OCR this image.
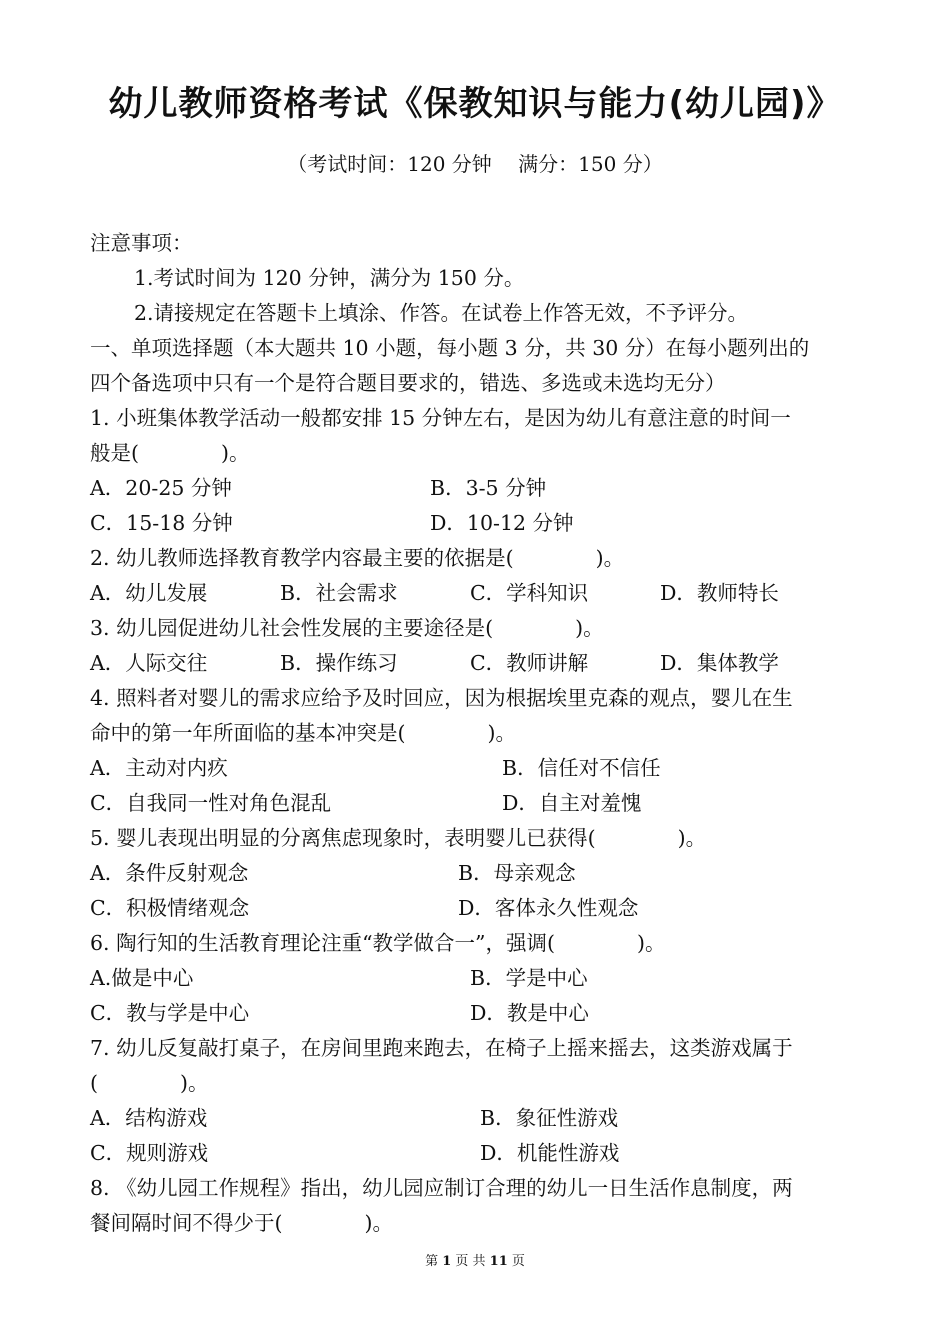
幼儿教师资格考试《保教知识与能力(幼儿园)》
（考试时间：120 分钟　 满分：150 分）
注意事项：
1.考试时间为 120 分钟，满分为 150 分。
2.请接规定在答题卡上填涂、作答。在试卷上作答无效，不予评分。
一、单项选择题（本大题共 10 小题，每小题 3 分，共 30 分）在每小题列出的
四个备选项中只有一个是符合题目要求的，错选、多选或未选均无分）
1. 小班集体教学活动一般都安排 15 分钟左右，是因为幼儿有意注意的时间一
般是(　　　　)。
A．20-25 分钟	B．3-5 分钟
C．15-18 分钟	D．10-12 分钟
2. 幼儿教师选择教育教学内容最主要的依据是(　　　　)。
A．幼儿发展	B．社会需求	C．学科知识	D．教师特长
3. 幼儿园促进幼儿社会性发展的主要途径是(　　　　)。
A．人际交往	B．操作练习	C．教师讲解	D．集体教学
4. 照料者对婴儿的需求应给予及时回应，因为根据埃里克森的观点，婴儿在生
命中的第一年所面临的基本冲突是(　　　　)。
A．主动对内疚	B．信任对不信任
C．自我同一性对角色混乱	D．自主对羞愧
5. 婴儿表现出明显的分离焦虑现象时，表明婴儿已获得(　　　　)。
A．条件反射观念	B．母亲观念
C．积极情绪观念	D．客体永久性观念
6. 陶行知的生活教育理论注重“教学做合一”，强调(　　　　)。
A.做是中心	B．学是中心
C．教与学是中心	D．教是中心
7. 幼儿反复敲打桌子，在房间里跑来跑去，在椅子上摇来摇去，这类游戏属于
(　　　　)。
A．结构游戏	B．象征性游戏
C．规则游戏	D．机能性游戏
8. 《幼儿园工作规程》指出，幼儿园应制订合理的幼儿一日生活作息制度，两
餐间隔时间不得少于(　　　　)。
第 1 页 共 11 页
